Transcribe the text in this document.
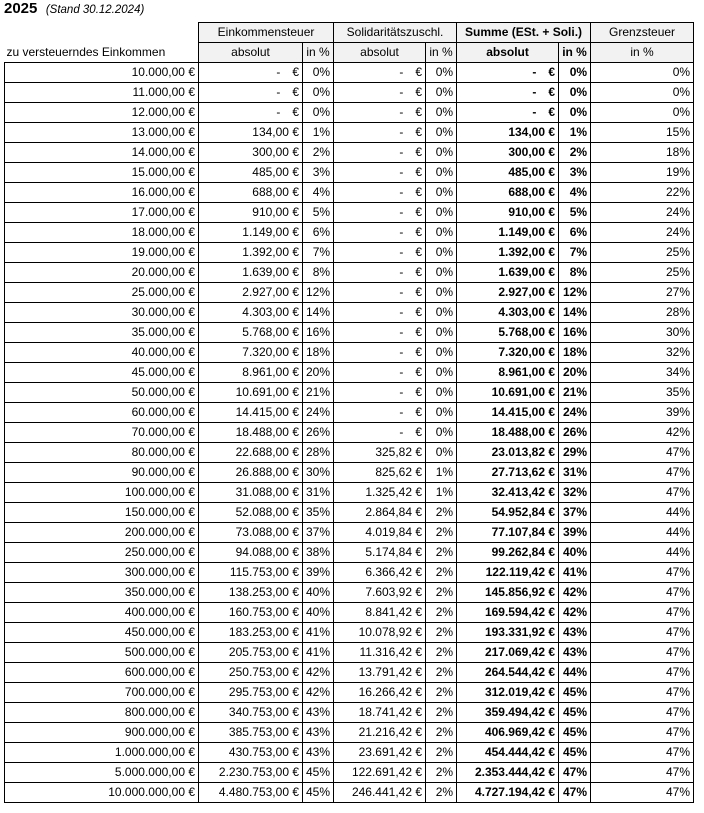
2025 (Stand 30.12.2024)
	Einkommensteuer		Solidaritätszuschl.		Summe (ESt. + Soli.)		Grenzsteuer
zu versteuerndes Einkommen	absolut	in %	absolut	in %	absolut	in %	in %
10.000,00 €	- €	0%	- €	0%	- €	0%	0%
11.000,00 €	- €	0%	- €	0%	- €	0%	0%
12.000,00 €	- €	0%	- €	0%	- €	0%	0%
13.000,00 €	134,00 €	1%	- €	0%	134,00 €	1%	15%
14.000,00 €	300,00 €	2%	- €	0%	300,00 €	2%	18%
15.000,00 €	485,00 €	3%	- €	0%	485,00 €	3%	19%
16.000,00 €	688,00 €	4%	- €	0%	688,00 €	4%	22%
17.000,00 €	910,00 €	5%	- €	0%	910,00 €	5%	24%
18.000,00 €	1.149,00 €	6%	- €	0%	1.149,00 €	6%	24%
19.000,00 €	1.392,00 €	7%	- €	0%	1.392,00 €	7%	25%
20.000,00 €	1.639,00 €	8%	- €	0%	1.639,00 €	8%	25%
25.000,00 €	2.927,00 €	12%	- €	0%	2.927,00 €	12%	27%
30.000,00 €	4.303,00 €	14%	- €	0%	4.303,00 €	14%	28%
35.000,00 €	5.768,00 €	16%	- €	0%	5.768,00 €	16%	30%
40.000,00 €	7.320,00 €	18%	- €	0%	7.320,00 €	18%	32%
45.000,00 €	8.961,00 €	20%	- €	0%	8.961,00 €	20%	34%
50.000,00 €	10.691,00 €	21%	- €	0%	10.691,00 €	21%	35%
60.000,00 €	14.415,00 €	24%	- €	0%	14.415,00 €	24%	39%
70.000,00 €	18.488,00 €	26%	- €	0%	18.488,00 €	26%	42%
80.000,00 €	22.688,00 €	28%	325,82 €	0%	23.013,82 €	29%	47%
90.000,00 €	26.888,00 €	30%	825,62 €	1%	27.713,62 €	31%	47%
100.000,00 €	31.088,00 €	31%	1.325,42 €	1%	32.413,42 €	32%	47%
150.000,00 €	52.088,00 €	35%	2.864,84 €	2%	54.952,84 €	37%	44%
200.000,00 €	73.088,00 €	37%	4.019,84 €	2%	77.107,84 €	39%	44%
250.000,00 €	94.088,00 €	38%	5.174,84 €	2%	99.262,84 €	40%	44%
300.000,00 €	115.753,00 €	39%	6.366,42 €	2%	122.119,42 €	41%	47%
350.000,00 €	138.253,00 €	40%	7.603,92 €	2%	145.856,92 €	42%	47%
400.000,00 €	160.753,00 €	40%	8.841,42 €	2%	169.594,42 €	42%	47%
450.000,00 €	183.253,00 €	41%	10.078,92 €	2%	193.331,92 €	43%	47%
500.000,00 €	205.753,00 €	41%	11.316,42 €	2%	217.069,42 €	43%	47%
600.000,00 €	250.753,00 €	42%	13.791,42 €	2%	264.544,42 €	44%	47%
700.000,00 €	295.753,00 €	42%	16.266,42 €	2%	312.019,42 €	45%	47%
800.000,00 €	340.753,00 €	43%	18.741,42 €	2%	359.494,42 €	45%	47%
900.000,00 €	385.753,00 €	43%	21.216,42 €	2%	406.969,42 €	45%	47%
1.000.000,00 €	430.753,00 €	43%	23.691,42 €	2%	454.444,42 €	45%	47%
5.000.000,00 €	2.230.753,00 €	45%	122.691,42 €	2%	2.353.444,42 €	47%	47%
10.000.000,00 €	4.480.753,00 €	45%	246.441,42 €	2%	4.727.194,42 €	47%	47%
